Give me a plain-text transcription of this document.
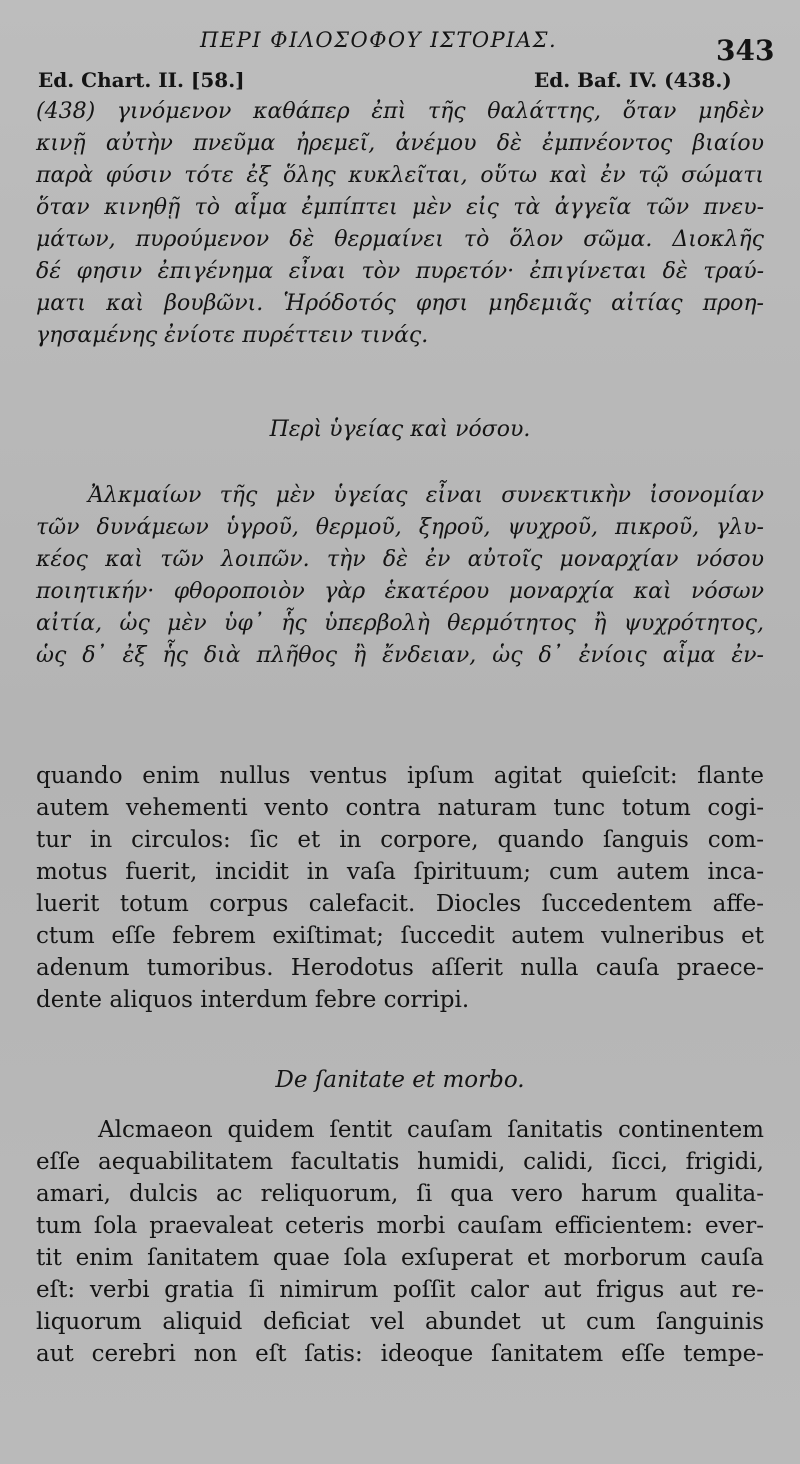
ΠΕΡΙ ΦΙΛΟΣΟΦΟΥ ΙΣΤΟΡΙΑΣ.	343
Ed. Chart. II. [58.]	Ed. Baf. IV. (438.)
(438) γινόμενον καθάπερ ἐπὶ τῆς θαλάττης, ὅταν μηδὲν
κινῇ αὐτὴν πνεῦμα ἠρεμεῖ, ἀνέμου δὲ ἐμπνέοντος βιαίου
παρὰ φύσιν τότε ἐξ ὅλης κυκλεῖται, οὕτω καὶ ἐν τῷ σώματι
ὅταν κινηθῇ τὸ αἷμα ἐμπίπτει μὲν εἰς τὰ ἀγγεῖα τῶν πνευ-
μάτων, πυρούμενον δὲ θερμαίνει τὸ ὅλον σῶμα. Διοκλῆς
δέ φησιν ἐπιγένημα εἶναι τὸν πυρετόν· ἐπιγίνεται δὲ τραύ-
ματι καὶ βουβῶνι. Ἡρόδοτός φησι μηδεμιᾶς αἰτίας προη-
γησαμένης ἐνίοτε πυρέττειν τινάς.
Περὶ ὑγείας καὶ νόσου.
Ἀλκμαίων τῆς μὲν ὑγείας εἶναι συνεκτικὴν ἰσονομίαν
τῶν δυνάμεων ὑγροῦ, θερμοῦ, ξηροῦ, ψυχροῦ, πικροῦ, γλυ-
κέος καὶ τῶν λοιπῶν. τὴν δὲ ἐν αὐτοῖς μοναρχίαν νόσου
ποιητικήν· φθοροποιὸν γὰρ ἑκατέρου μοναρχία καὶ νόσων
αἰτία, ὡς μὲν ὑφ᾽ ἧς ὑπερβολὴ θερμότητος ἢ ψυχρότητος,
ὡς δ᾽ ἐξ ἧς διὰ πλῆθος ἢ ἔνδειαν, ὡς δ᾽ ἐνίοις αἷμα ἐν-
quando enim nullus ventus ipſum agitat quieſcit: flante
autem vehementi vento contra naturam tunc totum cogi-
tur in circulos: ſic et in corpore, quando ſanguis com-
motus fuerit, incidit in vaſa ſpirituum; cum autem inca-
luerit totum corpus calefacit. Diocles ſuccedentem affe-
ctum eſſe febrem exiſtimat; ſuccedit autem vulneribus et
adenum tumoribus. Herodotus aſſerit nulla cauſa praece-
dente aliquos interdum febre corripi.
De ſanitate et morbo.
Alcmaeon quidem ſentit cauſam ſanitatis continentem
eſſe aequabilitatem facultatis humidi, calidi, ſicci, frigidi,
amari, dulcis ac reliquorum, ſi qua vero harum qualita-
tum ſola praevaleat ceteris morbi cauſam efficientem: ever-
tit enim ſanitatem quae ſola exſuperat et morborum cauſa
eſt: verbi gratia ſi nimirum poſſit calor aut frigus aut re-
liquorum aliquid deficiat vel abundet ut cum ſanguinis
aut cerebri non eſt ſatis: ideoque ſanitatem eſſe tempe-
